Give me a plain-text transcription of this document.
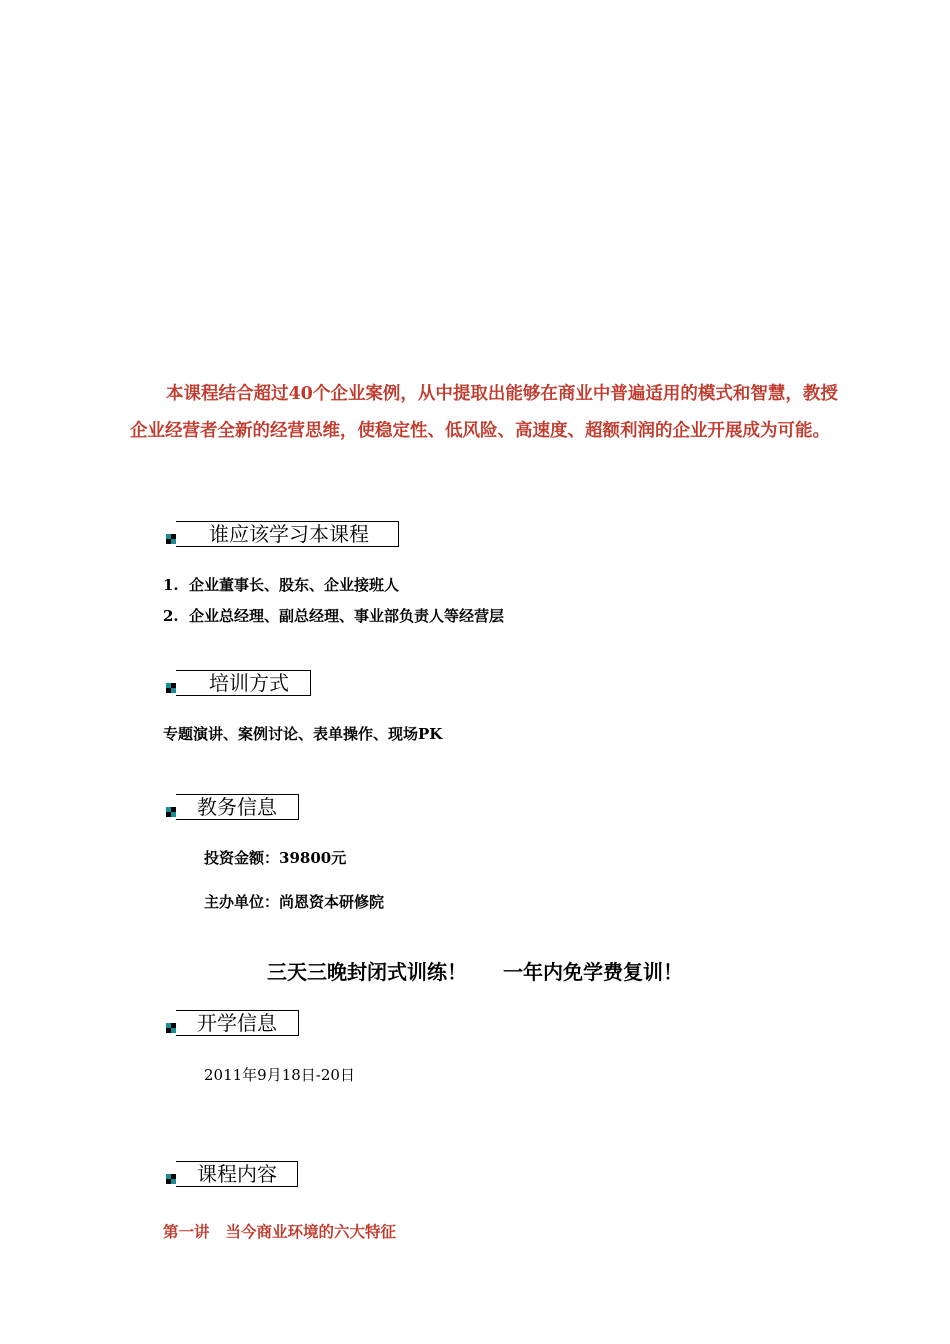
本课程结合超过40个企业案例，从中提取出能够在商业中普遍适用的模式和智慧，教授企业经营者全新的经营思维，使稳定性、低风险、高速度、超额利润的企业开展成为可能。

谁应该学习本课程

1. 企业董事长、股东、企业接班人

2. 企业总经理、副总经理、事业部负责人等经营层

培训方式

专题演讲、案例讨论、表单操作、现场PK

教务信息

投资金额：39800元

主办单位：尚恩资本研修院

三天三晚封闭式训练！ 一年内免学费复训！
开学信息

2011年9月18日-20日

课程内容
第一讲 当今商业环境的六大特征
